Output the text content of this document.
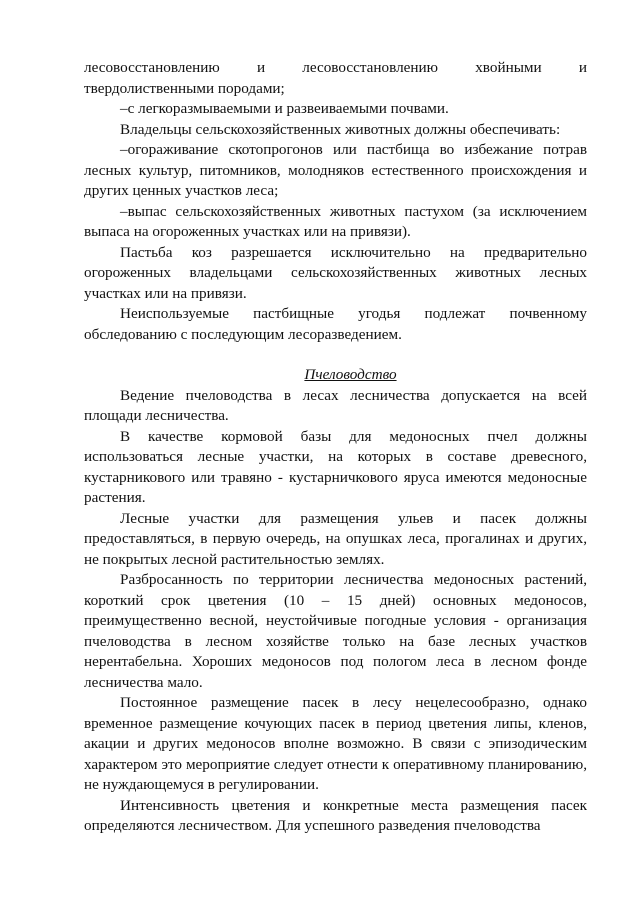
лесовосстановлению и лесовосстановлению хвойными и твердолиственными породами;

–с легкоразмываемыми и развеиваемыми почвами.

Владельцы сельскохозяйственных животных должны обеспечивать:

–огораживание скотопрогонов или пастбища во избежание потрав лесных культур, питомников, молодняков естественного происхождения и других ценных участков леса;

–выпас сельскохозяйственных животных пастухом (за исключением выпаса на огороженных участках или на привязи).

Пастьба коз разрешается исключительно на предварительно огороженных владельцами сельскохозяйственных животных лесных участках или на привязи.

Неиспользуемые пастбищные угодья подлежат почвенному обследованию с последующим лесоразведением.

Пчеловодство

Ведение пчеловодства в лесах лесничества допускается на всей площади лесничества.

В качестве кормовой базы для медоносных пчел должны использоваться лесные участки, на которых в составе древесного, кустарникового или травяно - кустарничкового яруса имеются медоносные растения.

Лесные участки для размещения ульев и пасек должны предоставляться, в первую очередь, на опушках леса, прогалинах и других, не покрытых лесной растительностью землях.

Разбросанность по территории лесничества медоносных растений, короткий срок цветения (10 – 15 дней) основных медоносов, преимущественно весной, неустойчивые погодные условия - организация пчеловодства в лесном хозяйстве только на базе лесных участков нерентабельна. Хороших медоносов под пологом леса в лесном фонде лесничества мало.

Постоянное размещение пасек в лесу нецелесообразно, однако временное размещение кочующих пасек в период цветения липы, кленов, акации и других медоносов вполне возможно. В связи с эпизодическим характером это мероприятие следует отнести к оперативному планированию, не нуждающемуся в регулировании.

Интенсивность цветения и конкретные места размещения пасек определяются лесничеством. Для успешного разведения пчеловодства
